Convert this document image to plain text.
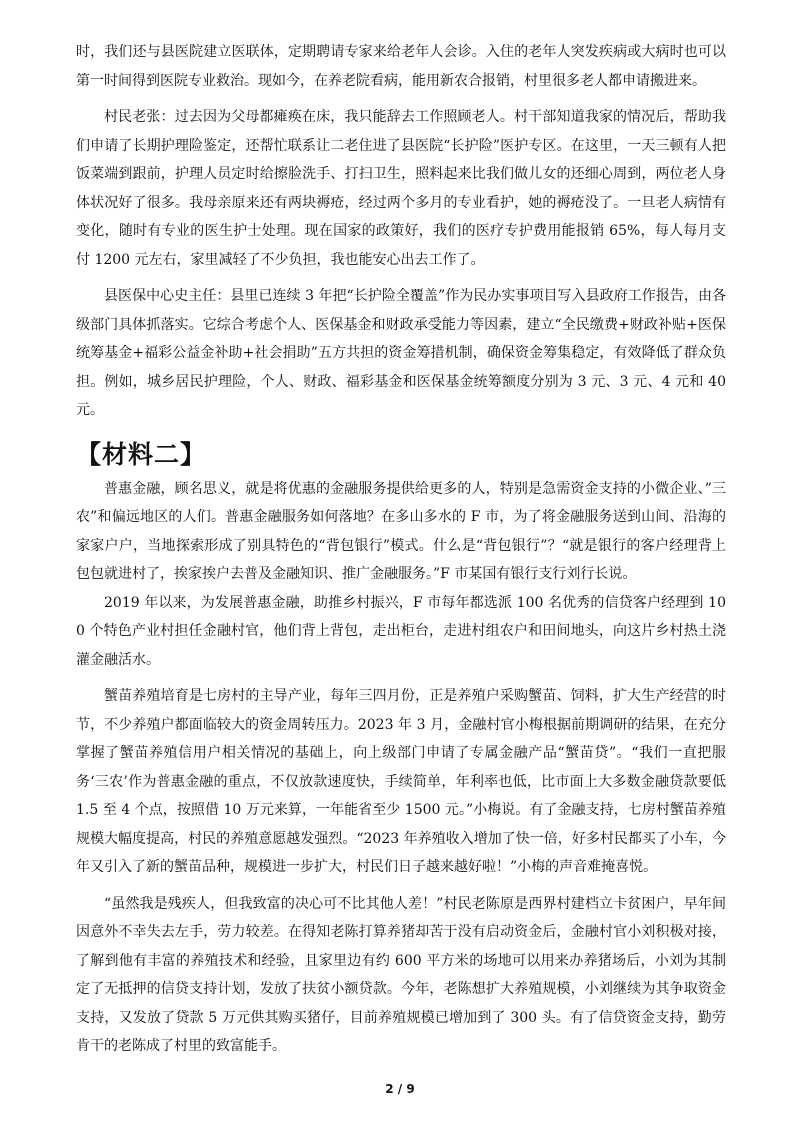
时，我们还与县医院建立医联体，定期聘请专家来给老年人会诊。入住的老年人突发疾病或大病时也可以第一时间得到医院专业救治。现如今，在养老院看病，能用新农合报销，村里很多老人都申请搬进来。

村民老张：过去因为父母都瘫痪在床，我只能辞去工作照顾老人。村干部知道我家的情况后，帮助我们申请了长期护理险鉴定，还帮忙联系让二老住进了县医院“长护险”医护专区。在这里，一天三顿有人把饭菜端到跟前，护理人员定时给擦脸洗手、打扫卫生，照料起来比我们做儿女的还细心周到，两位老人身体状况好了很多。我母亲原来还有两块褥疮，经过两个多月的专业看护，她的褥疮没了。一旦老人病情有变化，随时有专业的医生护士处理。现在国家的政策好，我们的医疗专护费用能报销 65%，每人每月支付 1200 元左右，家里减轻了不少负担，我也能安心出去工作了。

县医保中心史主任：县里已连续 3 年把“长护险全覆盖”作为民办实事项目写入县政府工作报告，由各级部门具体抓落实。它综合考虑个人、医保基金和财政承受能力等因素，建立“全民缴费+财政补贴+医保统筹基金+福彩公益金补助+社会捐助”五方共担的资金筹措机制，确保资金筹集稳定，有效降低了群众负担。例如，城乡居民护理险，个人、财政、福彩基金和医保基金统筹额度分别为 3 元、3 元、4 元和 40 元。

【材料二】

普惠金融，顾名思义，就是将优惠的金融服务提供给更多的人，特别是急需资金支持的小微企业、”三农”和偏远地区的人们。普惠金融服务如何落地？在多山多水的 F 市，为了将金融服务送到山间、沿海的家家户户，当地探索形成了别具特色的“背包银行”模式。什么是“背包银行”？“就是银行的客户经理背上包包就进村了，挨家挨户去普及金融知识、推广金融服务。”F 市某国有银行支行刘行长说。

2019 年以来，为发展普惠金融，助推乡村振兴，F 市每年都选派 100 名优秀的信贷客户经理到 100 个特色产业村担任金融村官，他们背上背包，走出柜台，走进村组农户和田间地头，向这片乡村热土浇灌金融活水。

蟹苗养殖培育是七房村的主导产业，每年三四月份，正是养殖户采购蟹苗、饲料，扩大生产经营的时节，不少养殖户都面临较大的资金周转压力。2023 年 3 月，金融村官小梅根据前期调研的结果，在充分掌握了蟹苗养殖信用户相关情况的基础上，向上级部门申请了专属金融产品“蟹苗贷”。“我们一直把服务‘三农’作为普惠金融的重点，不仅放款速度快，手续简单，年利率也低，比市面上大多数金融贷款要低 1.5 至 4 个点，按照借 10 万元来算，一年能省至少 1500 元。”小梅说。有了金融支持，七房村蟹苗养殖规模大幅度提高，村民的养殖意愿越发强烈。“2023 年养殖收入增加了快一倍，好多村民都买了小车，今年又引入了新的蟹苗品种，规模进一步扩大，村民们日子越来越好啦！”小梅的声音难掩喜悦。

“虽然我是残疾人，但我致富的决心可不比其他人差！”村民老陈原是西界村建档立卡贫困户，早年间因意外不幸失去左手，劳力较差。在得知老陈打算养猪却苦于没有启动资金后，金融村官小刘积极对接，了解到他有丰富的养殖技术和经验，且家里边有约 600 平方米的场地可以用来办养猪场后，小刘为其制定了无抵押的信贷支持计划，发放了扶贫小额贷款。今年，老陈想扩大养殖规模，小刘继续为其争取资金支持，又发放了贷款 5 万元供其购买猪仔，目前养殖规模已增加到了 300 头。有了信贷资金支持，勤劳肯干的老陈成了村里的致富能手。

2 / 9
